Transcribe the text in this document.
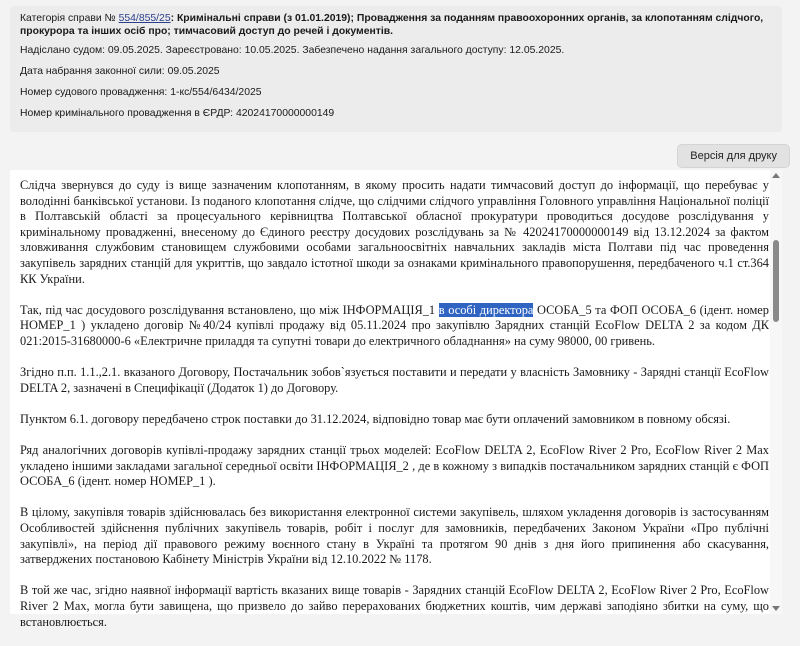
Категорія справи № 554/855/25: Кримінальні справи (з 01.01.2019); Провадження за поданням правоохоронних органів, за клопотанням слідчого, прокурора та інших осіб про; тимчасовий доступ до речей і документів.
Надіслано судом: 09.05.2025. Зареєстровано: 10.05.2025. Забезпечено надання загального доступу: 12.05.2025.
Дата набрання законної сили: 09.05.2025
Номер судового провадження: 1-кс/554/6434/2025
Номер кримінального провадження в ЄРДР: 42024170000000149
Версія для друку

Слідча звернувся до суду із вище зазначеним клопотанням, в якому просить надати тимчасовий доступ до інформації, що перебуває у володінні банківської установи. Із поданого клопотання слідче, що слідчими слідчого управління Головного управління Національної поліції в Полтавській області за процесуального керівництва Полтавської обласної прокуратури проводиться досудове розслідування у кримінальному провадженні, внесеному до Єдиного реєстру досудових розслідувань за № 42024170000000149 від 13.12.2024 за фактом зловживання службовим становищем службовими особами загальноосвітніх навчальних закладів міста Полтави під час проведення закупівель зарядних станцій для укриттів, що завдало істотної шкоди за ознаками кримінального правопорушення, передбаченого ч.1 ст.364 КК України.

Так, під час досудового розслідування встановлено, що між ІНФОРМАЦІЯ_1 в особі директора ОСОБА_5 та ФОП ОСОБА_6 (ідент. номер НОМЕР_1 ) укладено договір №40/24 купівлі продажу від 05.11.2024 про закупівлю Зарядних станцій EcoFlow DELTA 2 за кодом ДК 021:2015-31680000-6 «Електричне приладдя та супутні товари до електричного обладнання» на суму 98000, 00 гривень.

Згідно п.п. 1.1.,2.1. вказаного Договору, Постачальник зобов`язується поставити и передати у власність Замовнику - Зарядні станції EcoFlow DELTA 2, зазначені в Специфікації (Додаток 1) до Договору.

Пунктом 6.1. договору передбачено строк поставки до 31.12.2024, відповідно товар має бути оплачений замовником в повному обсязі.

Ряд аналогічних договорів купівлі-продажу зарядних станції трьох моделей: EcoFlow DELTA 2, EcoFlow River 2 Pro, EcoFlow River 2 Max укладено іншими закладами загальної середньої освіти ІНФОРМАЦІЯ_2 , де в кожному з випадків постачальником зарядних станцій є ФОП ОСОБА_6 (ідент. номер НОМЕР_1 ).

В цілому, закупівля товарів здійснювалась без використання електронної системи закупівель, шляхом укладення договорів із застосуванням Особливостей здійснення публічних закупівель товарів, робіт і послуг для замовників, передбачених Законом України «Про публічні закупівлі», на період дії правового режиму воєнного стану в Україні та протягом 90 днів з дня його припинення або скасування, затверджених постановою Кабінету Міністрів України від 12.10.2022 № 1178.

В той же час, згідно наявної інформації вартість вказаних вище товарів - Зарядних станцій EcoFlow DELTA 2, EcoFlow River 2 Pro, EcoFlow River 2 Max, могла бути завищена, що призвело до зайво перерахованих бюджетних коштів, чим державі заподіяно збитки на суму, що встановлюється.
